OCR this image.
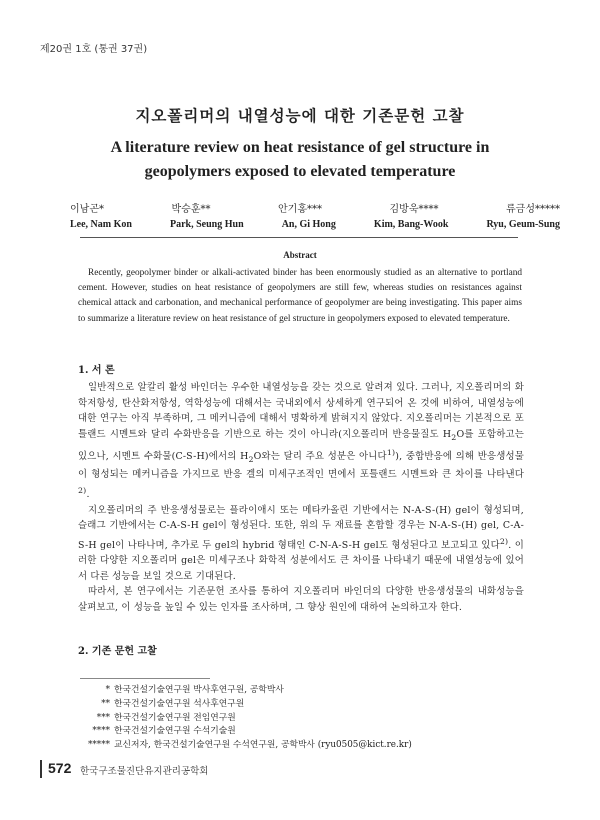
제20권 1호 (통권 37권)
지오폴리머의 내열성능에 대한 기존문헌 고찰
A literature review on heat resistance of gel structure in
geopolymers exposed to elevated temperature
이남곤*	박승훈**	안기홍***	김방욱****	류금성*****
Lee, Nam Kon	Park, Seung Hun	An, Gi Hong	Kim, Bang-Wook	Ryu, Geum-Sung
Abstract

Recently, geopolymer binder or alkali-activated binder has been enormously studied as an alternative to portland cement. However, studies on heat resistance of geopolymers are still few, whereas studies on resistances against chemical attack and carbonation, and mechanical performance of geopolymer are being investigating. This paper aims to summarize a literature review on heat resistance of gel structure in geopolymers exposed to elevated temperature.

1. 서 론

일반적으로 알칼리 활성 바인더는 우수한 내열성능을 갖는 것으로 알려져 있다. 그러나, 지오폴리머의 화학저항성, 탄산화저항성, 역학성능에 대해서는 국내외에서 상세하게 연구되어 온 것에 비하여, 내열성능에 대한 연구는 아직 부족하며, 그 메커니즘에 대해서 명확하게 밝혀지지 않았다. 지오폴리머는 기본적으로 포틀랜드 시멘트와 달리 수화반응을 기반으로 하는 것이 아니라(지오폴리머 반응물질도 $H_2O$를 포함하고는 있으나, 시멘트 수화물(C-S-H)에서의 $H_2O$와는 달리 주요 성분은 아니다$^{1)}$), 중합반응에 의해 반응생성물이 형성되는 메커니즘을 가지므로 반응 겔의 미세구조적인 면에서 포틀랜드 시멘트와 큰 차이를 나타낸다$^{2)}$.

지오폴리머의 주 반응생성물로는 플라이애시 또는 메타카올린 기반에서는 N-A-S-(H) gel이 형성되며, 슬래그 기반에서는 C-A-S-H gel이 형성된다. 또한, 위의 두 재료를 혼합할 경우는 N-A-S-(H) gel, C-A-S-H gel이 나타나며, 추가로 두 gel의 hybrid 형태인 C-N-A-S-H gel도 형성된다고 보고되고 있다$^{2)}$. 이러한 다양한 지오폴리머 gel은 미세구조나 화학적 성분에서도 큰 차이를 나타내기 때문에 내열성능에 있어서 다른 성능을 보일 것으로 기대된다.

따라서, 본 연구에서는 기존문헌 조사를 통하여 지오폴리머 바인더의 다양한 반응생성물의 내화성능을 살펴보고, 이 성능을 높일 수 있는 인자를 조사하며, 그 향상 원인에 대하여 논의하고자 한다.

2. 기존 문헌 고찰
* 한국건설기술연구원 박사후연구원, 공학박사
** 한국건설기술연구원 석사후연구원
*** 한국건설기술연구원 전임연구원
**** 한국건설기술연구원 수석기술원
***** 교신저자, 한국건설기술연구원 수석연구원, 공학박사 (ryu0505@kict.re.kr)
572 한국구조물진단유지관리공학회
